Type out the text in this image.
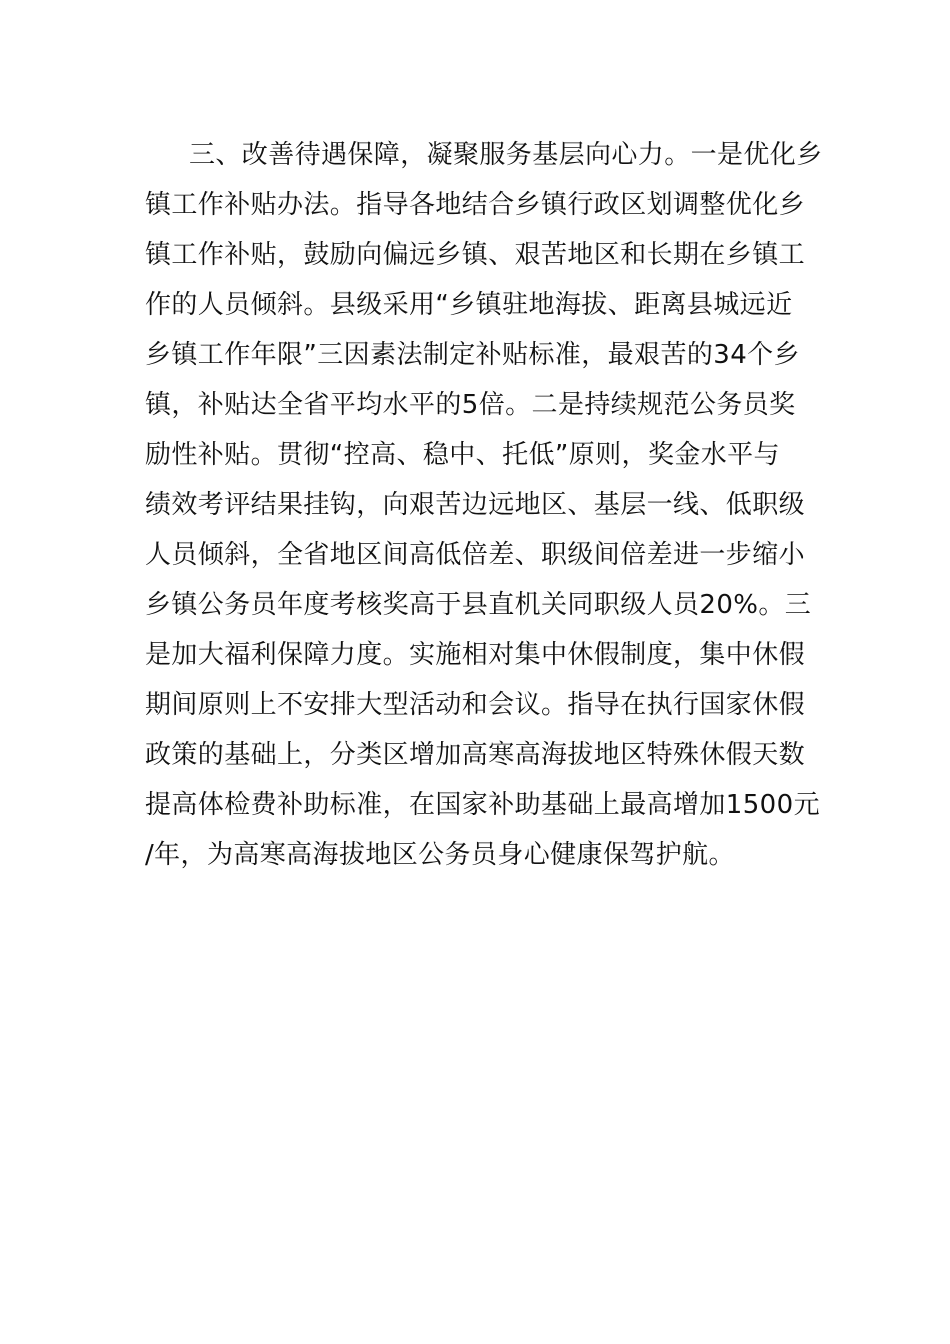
三、改善待遇保障，凝聚服务基层向心力。一是优化乡
镇工作补贴办法。指导各地结合乡镇行政区划调整优化乡
镇工作补贴，鼓励向偏远乡镇、艰苦地区和长期在乡镇工
作的人员倾斜。县级采用“乡镇驻地海拔、距离县城远近
乡镇工作年限”三因素法制定补贴标准，最艰苦的34个乡
镇，补贴达全省平均水平的5倍。二是持续规范公务员奖
励性补贴。贯彻“控高、稳中、托低”原则，奖金水平与
绩效考评结果挂钩，向艰苦边远地区、基层一线、低职级
人员倾斜，全省地区间高低倍差、职级间倍差进一步缩小
乡镇公务员年度考核奖高于县直机关同职级人员20%。三
是加大福利保障力度。实施相对集中休假制度，集中休假
期间原则上不安排大型活动和会议。指导在执行国家休假
政策的基础上，分类区增加高寒高海拔地区特殊休假天数
提高体检费补助标准，在国家补助基础上最高增加1500元
/年，为高寒高海拔地区公务员身心健康保驾护航。
